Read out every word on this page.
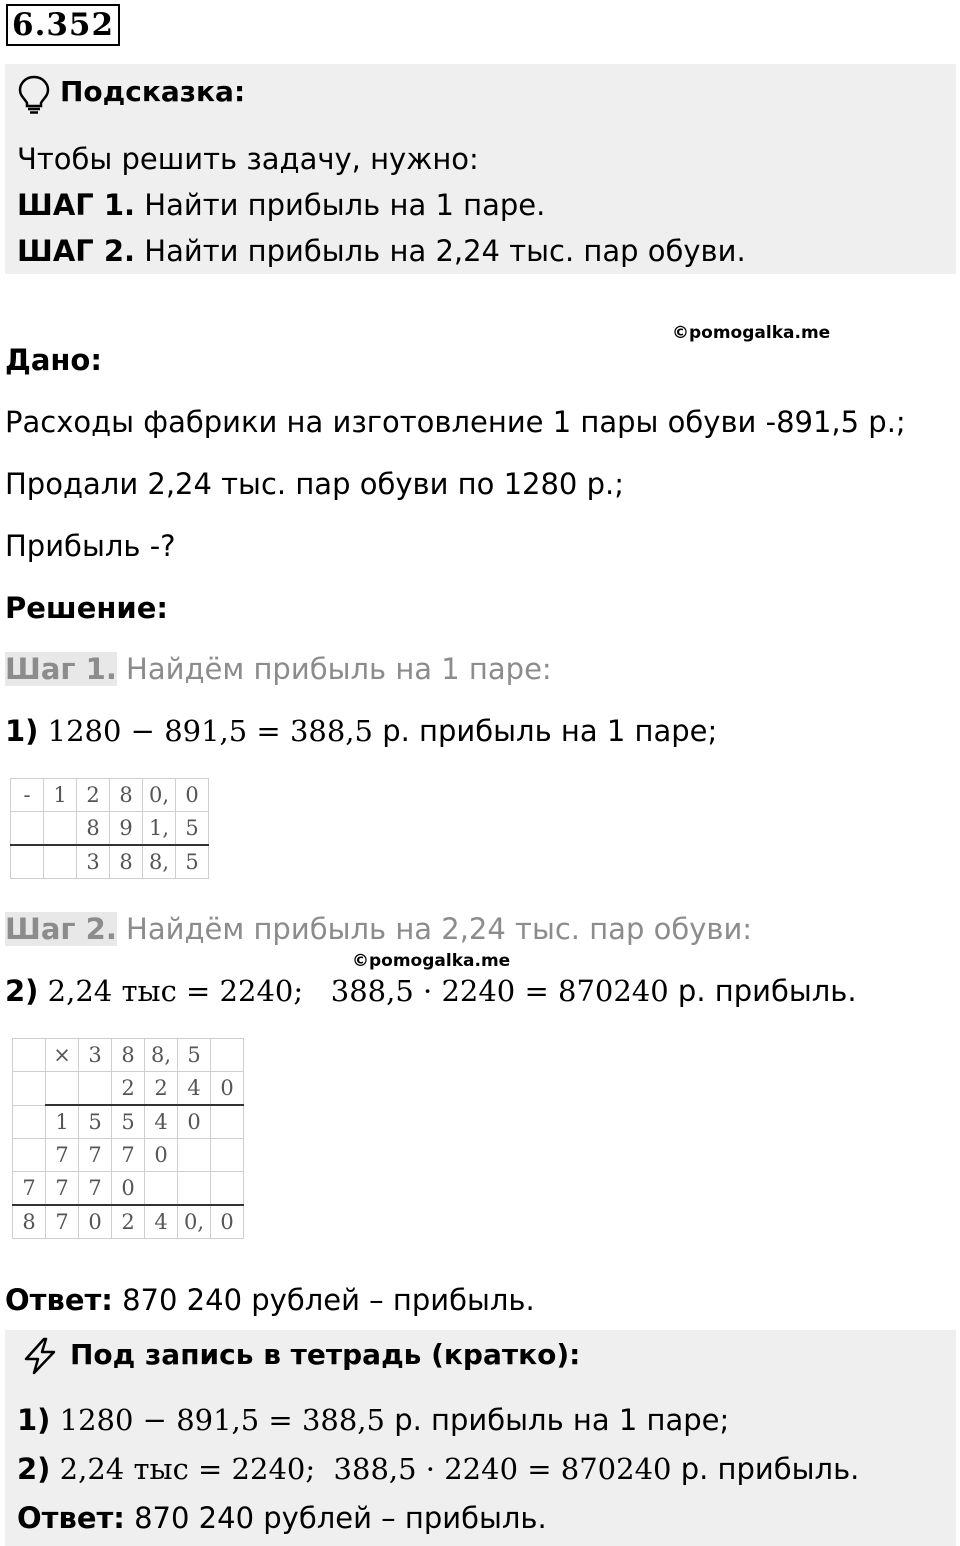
6.352
Подсказка:
Чтобы решить задачу, нужно:
ШАГ 1. Найти прибыль на 1 паре.
ШАГ 2. Найти прибыль на 2,24 тыс. пар обуви.
©pomogalka.me
Дано:
Расходы фабрики на изготовление 1 пары обуви -891,5 р.;
Продали 2,24 тыс. пар обуви по 1280 р.;
Прибыль -?
Решение:
Шаг 1. Найдём прибыль на 1 паре:
1) 1280 − 891,5 = 388,5 р. прибыль на 1 паре;
-	1	2	8	0,	0
		8	9	1,	5
		3	8	8,	5
Шаг 2. Найдём прибыль на 2,24 тыс. пар обуви:
©pomogalka.me
2) 2,24 тыс = 2240;   388,5 · 2240 = 870240 р. прибыль.
	×	3	8	8,	5	
			2	2	4	0
	1	5	5	4	0	
	7	7	7	0		
7	7	7	0			
8	7	0	2	4	0,	0
Ответ: 870 240 рублей – прибыль.
Под запись в тетрадь (кратко):
1) 1280 − 891,5 = 388,5 р. прибыль на 1 паре;
2) 2,24 тыс = 2240;  388,5 · 2240 = 870240 р. прибыль.
Ответ: 870 240 рублей – прибыль.
